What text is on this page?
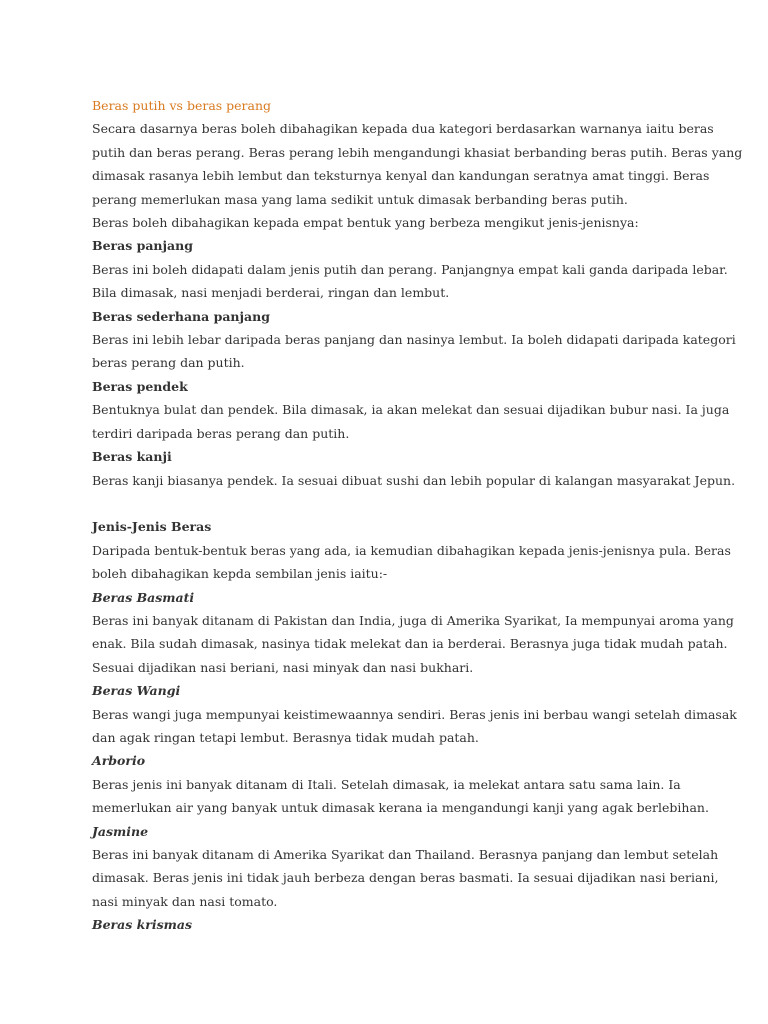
Beras putih vs beras perang
Secara dasarnya beras boleh dibahagikan kepada dua kategori berdasarkan warnanya iaitu beras
putih dan beras perang. Beras perang lebih mengandungi khasiat berbanding beras putih. Beras yang
dimasak rasanya lebih lembut dan teksturnya kenyal dan kandungan seratnya amat tinggi. Beras
perang memerlukan masa yang lama sedikit untuk dimasak berbanding beras putih.
Beras boleh dibahagikan kepada empat bentuk yang berbeza mengikut jenis-jenisnya:
Beras panjang
Beras ini boleh didapati dalam jenis putih dan perang. Panjangnya empat kali ganda daripada lebar.
Bila dimasak, nasi menjadi berderai, ringan dan lembut.
Beras sederhana panjang
Beras ini lebih lebar daripada beras panjang dan nasinya lembut. Ia boleh didapati daripada kategori
beras perang dan putih.
Beras pendek
Bentuknya bulat dan pendek. Bila dimasak, ia akan melekat dan sesuai dijadikan bubur nasi. Ia juga
terdiri daripada beras perang dan putih.
Beras kanji
Beras kanji biasanya pendek. Ia sesuai dibuat sushi dan lebih popular di kalangan masyarakat Jepun.
Jenis-Jenis Beras
Daripada bentuk-bentuk beras yang ada, ia kemudian dibahagikan kepada jenis-jenisnya pula. Beras
boleh dibahagikan kepda sembilan jenis iaitu:-
Beras Basmati
Beras ini banyak ditanam di Pakistan dan India, juga di Amerika Syarikat, Ia mempunyai aroma yang
enak. Bila sudah dimasak, nasinya tidak melekat dan ia berderai. Berasnya juga tidak mudah patah.
Sesuai dijadikan nasi beriani, nasi minyak dan nasi bukhari.
Beras Wangi
Beras wangi juga mempunyai keistimewaannya sendiri. Beras jenis ini berbau wangi setelah dimasak
dan agak ringan tetapi lembut. Berasnya tidak mudah patah.
Arborio
Beras jenis ini banyak ditanam di Itali. Setelah dimasak, ia melekat antara satu sama lain. Ia
memerlukan air yang banyak untuk dimasak kerana ia mengandungi kanji yang agak berlebihan.
Jasmine
Beras ini banyak ditanam di Amerika Syarikat dan Thailand. Berasnya panjang dan lembut setelah
dimasak. Beras jenis ini tidak jauh berbeza dengan beras basmati. Ia sesuai dijadikan nasi beriani,
nasi minyak dan nasi tomato.
Beras krismas
